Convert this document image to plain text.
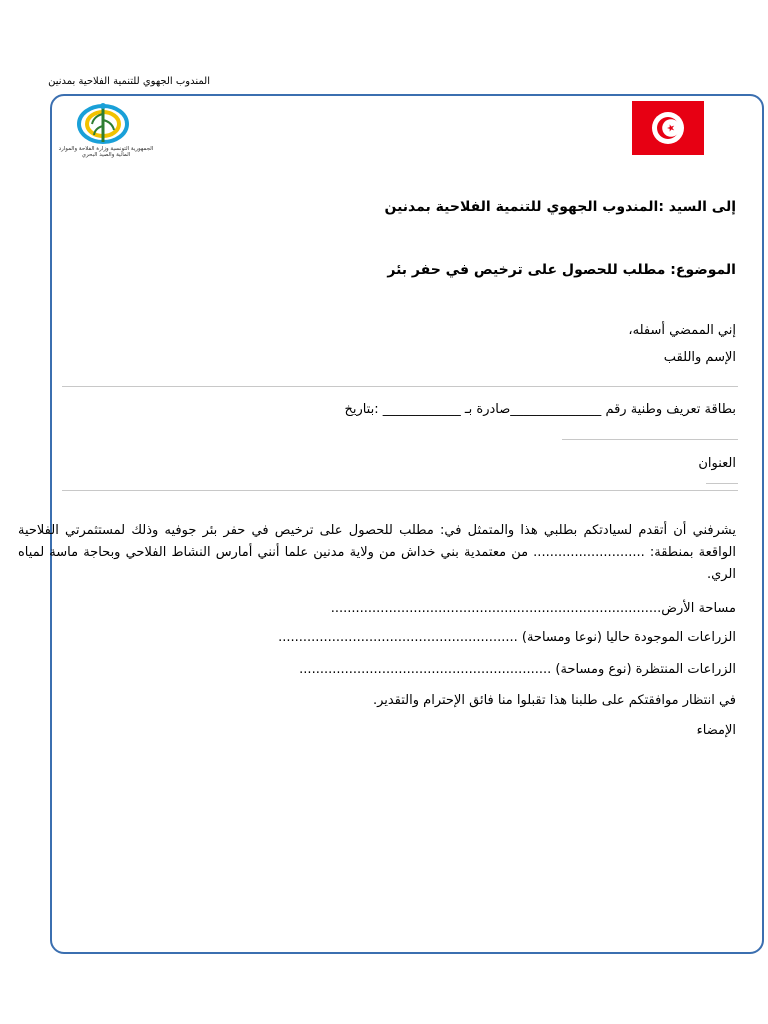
المندوب الجهوي للتنمية الفلاحية بمدنين
الجمهورية التونسية وزارة الفلاحة والموارد المائية والصيد البحري
إلى السيد :المندوب الجهوي للتنمية الفلاحية بمدنين
الموضوع: مطلب للحصول على ترخيص في حفر بئر
إني الممضي أسفله،
الإسم واللقب
بطاقة تعريف وطنية رقم ______________صادرة بـ ____________ :بتاريخ
العنوان
يشرفني أن أتقدم لسيادتكم بطلبي هذا والمتمثل في: مطلب للحصول على ترخيص في حفر بئر جوفيه وذلك لمستثمرتي الفلاحية الواقعة بمنطقة: ........................... من معتمدية بني خداش من ولاية مدنين علما أنني أمارس النشاط الفلاحي وبحاجة ماسة لمياه الري.
مساحة الأرض................................................................................
الزراعات الموجودة حاليا (نوعا ومساحة) ..........................................................
الزراعات المنتظرة (نوع ومساحة) .............................................................
في انتظار موافقتكم على طلبنا هذا تقبلوا منا فائق الإحترام والتقدير.
الإمضاء
